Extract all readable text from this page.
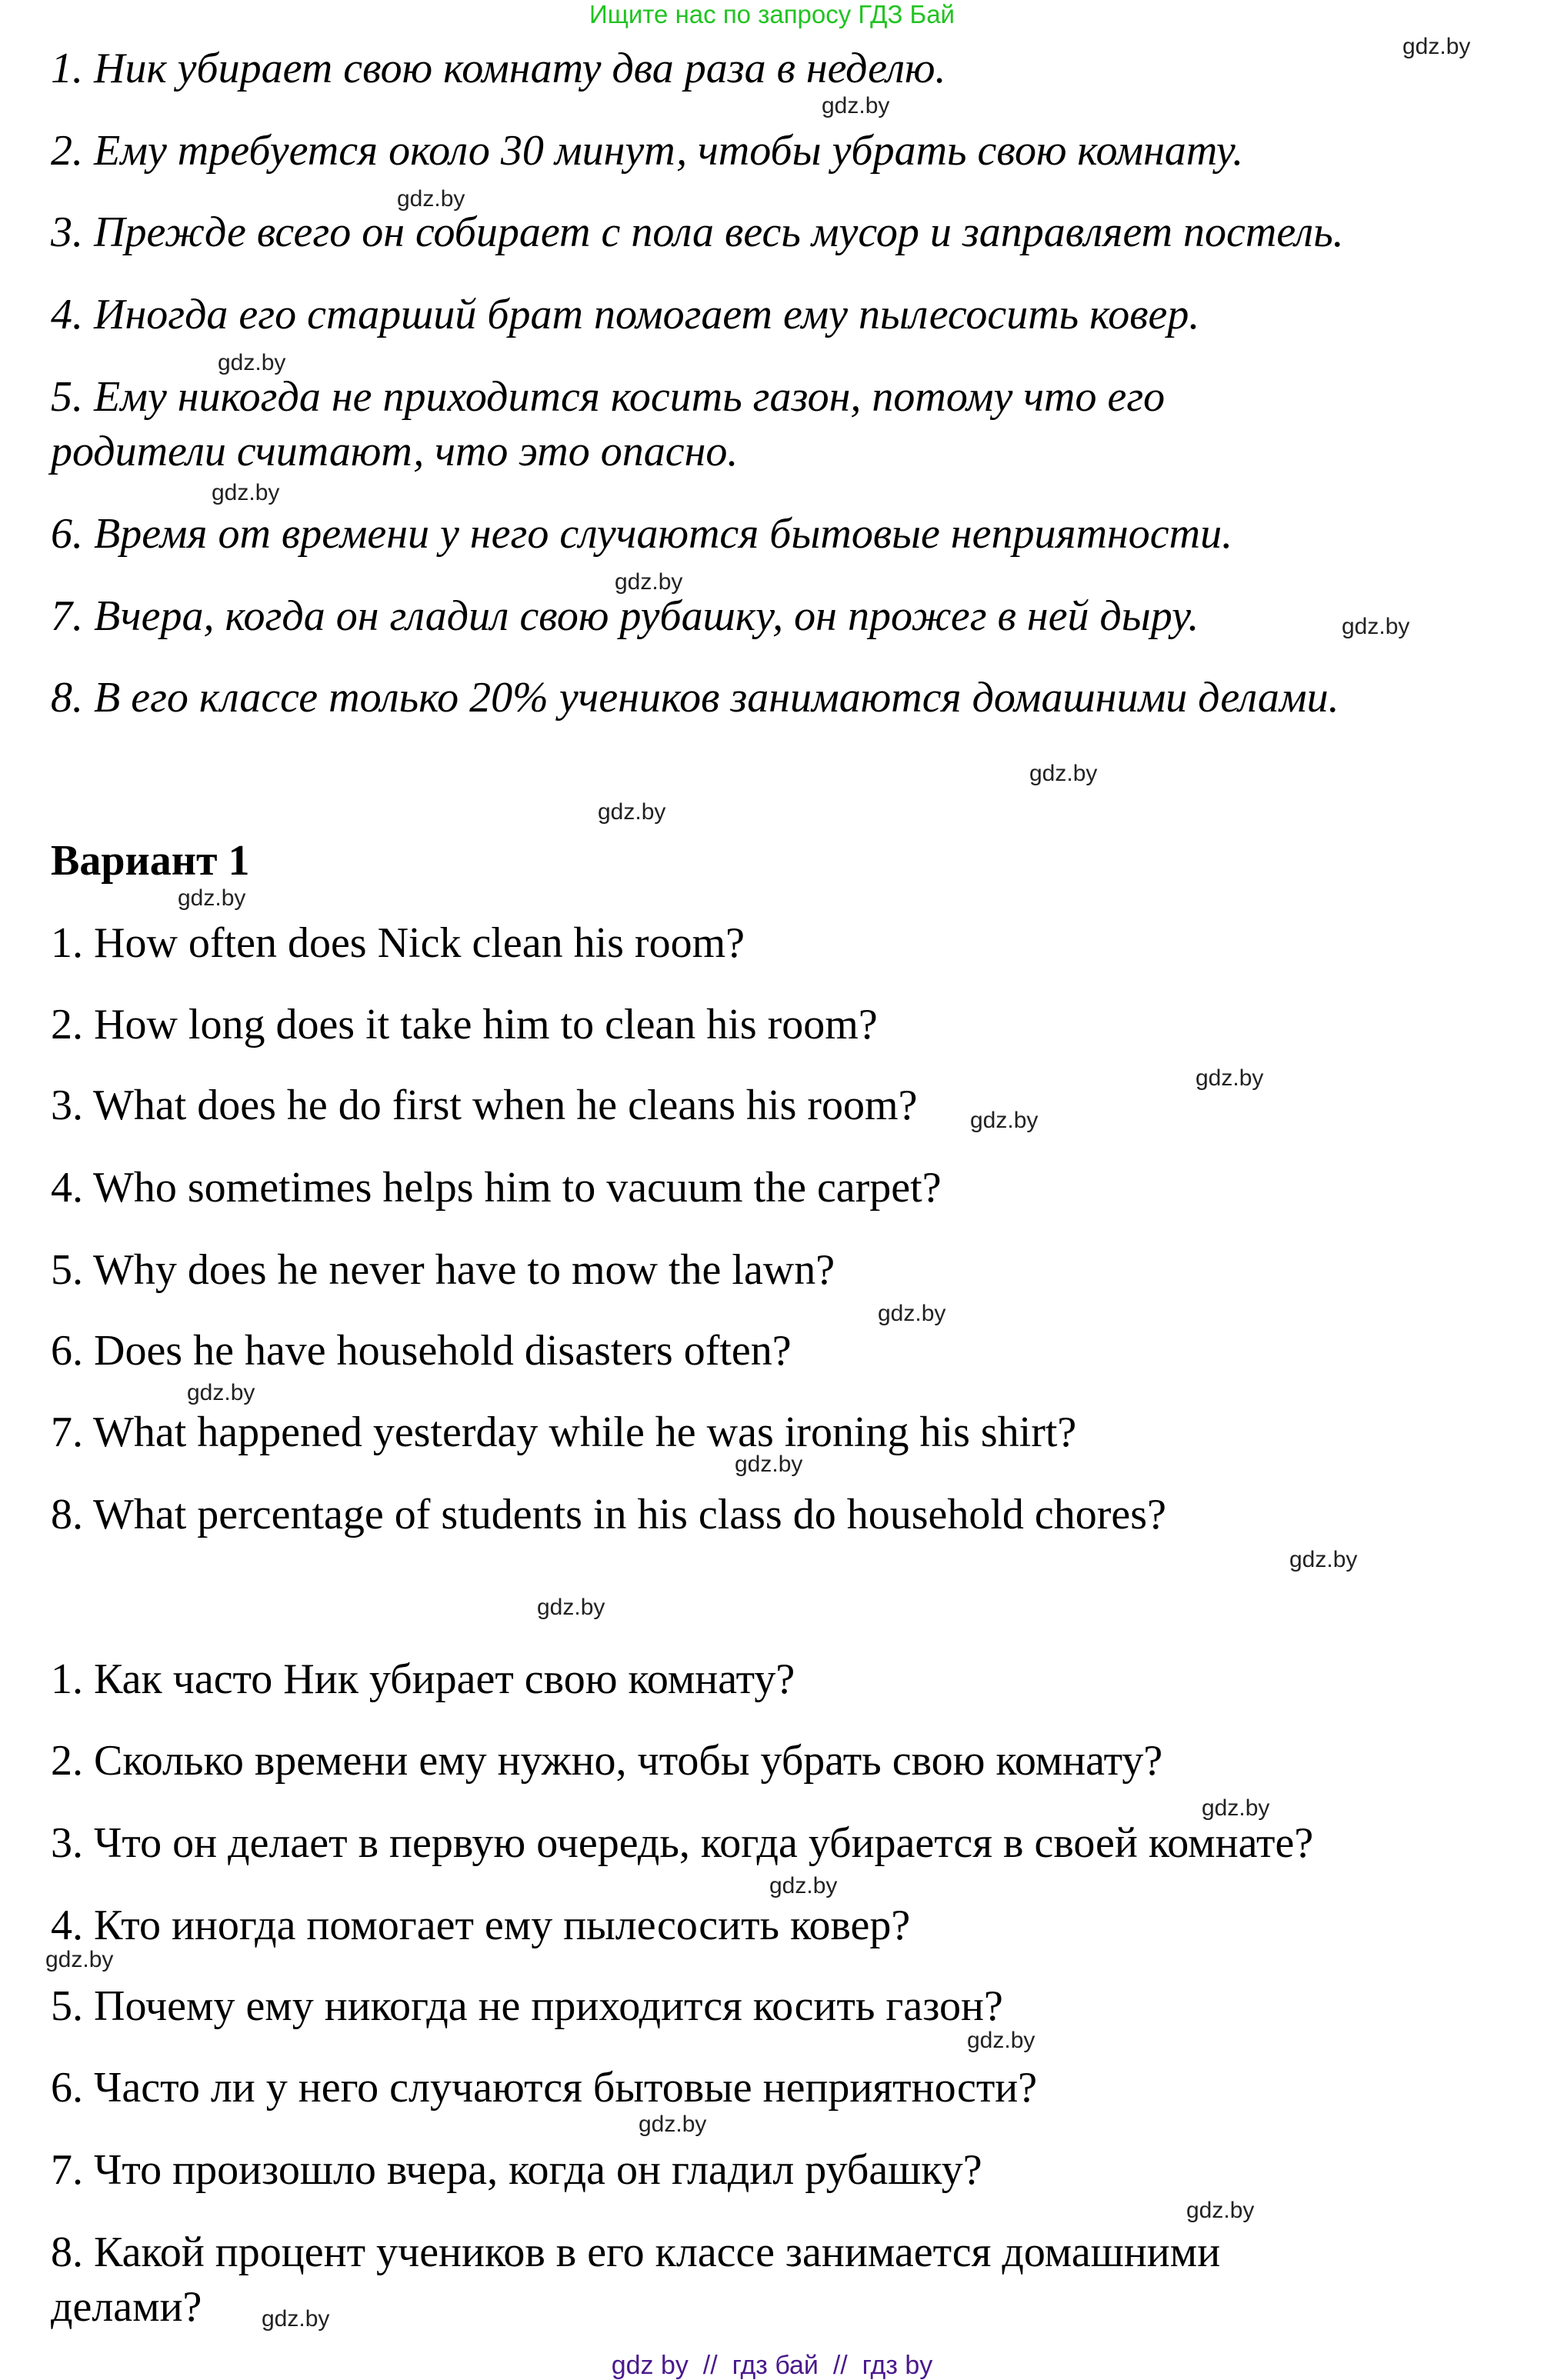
Ищите нас по запросу ГДЗ Бай
1. Ник убирает свою комнату два раза в неделю.
2. Ему требуется около 30 минут, чтобы убрать свою комнату.
3. Прежде всего он собирает с пола весь мусор и заправляет постель.
4. Иногда его старший брат помогает ему пылесосить ковер.
5. Ему никогда не приходится косить газон, потому что его
родители считают, что это опасно.
6. Время от времени у него случаются бытовые неприятности.
7. Вчера, когда он гладил свою рубашку, он прожег в ней дыру.
8. В его классе только 20% учеников занимаются домашними делами.
Вариант 1
1. How often does Nick clean his room?
2. How long does it take him to clean his room?
3. What does he do first when he cleans his room?
4. Who sometimes helps him to vacuum the carpet?
5. Why does he never have to mow the lawn?
6. Does he have household disasters often?
7. What happened yesterday while he was ironing his shirt?
8. What percentage of students in his class do household chores?
1. Как часто Ник убирает свою комнату?
2. Сколько времени ему нужно, чтобы убрать свою комнату?
3. Что он делает в первую очередь, когда убирается в своей комнате?
4. Кто иногда помогает ему пылесосить ковер?
5. Почему ему никогда не приходится косить газон?
6. Часто ли у него случаются бытовые неприятности?
7. Что произошло вчера, когда он гладил рубашку?
8. Какой процент учеников в его классе занимается домашними
делами?
gdz.by
gdz.by
gdz.by
gdz.by
gdz.by
gdz.by
gdz.by
gdz.by
gdz.by
gdz.by
gdz.by
gdz.by
gdz.by
gdz.by
gdz.by
gdz.by
gdz.by
gdz.by
gdz.by
gdz.by
gdz.by
gdz.by
gdz.by
gdz.by
gdz by  //  гдз бай  //  гдз by
